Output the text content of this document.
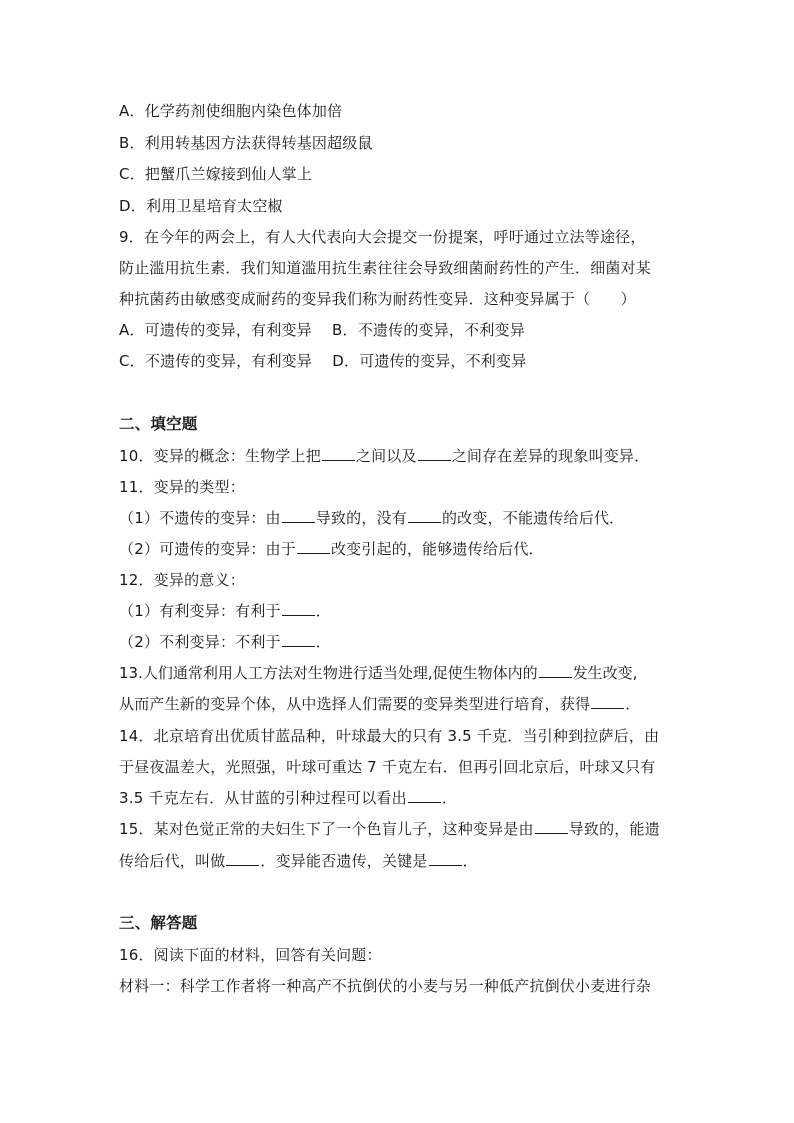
A．化学药剂使细胞内染色体加倍
B．利用转基因方法获得转基因超级鼠
C．把蟹爪兰嫁接到仙人掌上
D．利用卫星培育太空椒
9．在今年的两会上，有人大代表向大会提交一份提案，呼吁通过立法等途径，
防止滥用抗生素．我们知道滥用抗生素往往会导致细菌耐药性的产生．细菌对某
种抗菌药由敏感变成耐药的变异我们称为耐药性变异．这种变异属于（　　）
A．可遗传的变异，有利变异　 B．不遗传的变异，不利变异
C．不遗传的变异，有利变异　 D．可遗传的变异，不利变异
二、填空题
10．变异的概念：生物学上把 之间以及 之间存在差异的现象叫变异．
11．变异的类型：
（1）不遗传的变异：由 导致的，没有 的改变，不能遗传给后代．
（2）可遗传的变异：由于 改变引起的，能够遗传给后代．
12．变异的意义：
（1）有利变异：有利于 ．
（2）不利变异：不利于 ．
13.人们通常利用人工方法对生物进行适当处理,促使生物体内的 发生改变,
从而产生新的变异个体，从中选择人们需要的变异类型进行培育，获得 ．
14．北京培育出优质甘蓝品种，叶球最大的只有 3.5 千克．当引种到拉萨后，由
于昼夜温差大，光照强，叶球可重达 7 千克左右．但再引回北京后，叶球又只有
3.5 千克左右．从甘蓝的引种过程可以看出 ．
15．某对色觉正常的夫妇生下了一个色盲儿子，这种变异是由 导致的，能遗
传给后代，叫做 ．变异能否遗传，关键是 ．
三、解答题
16．阅读下面的材料，回答有关问题：
材料一：科学工作者将一种高产不抗倒伏的小麦与另一种低产抗倒伏小麦进行杂
